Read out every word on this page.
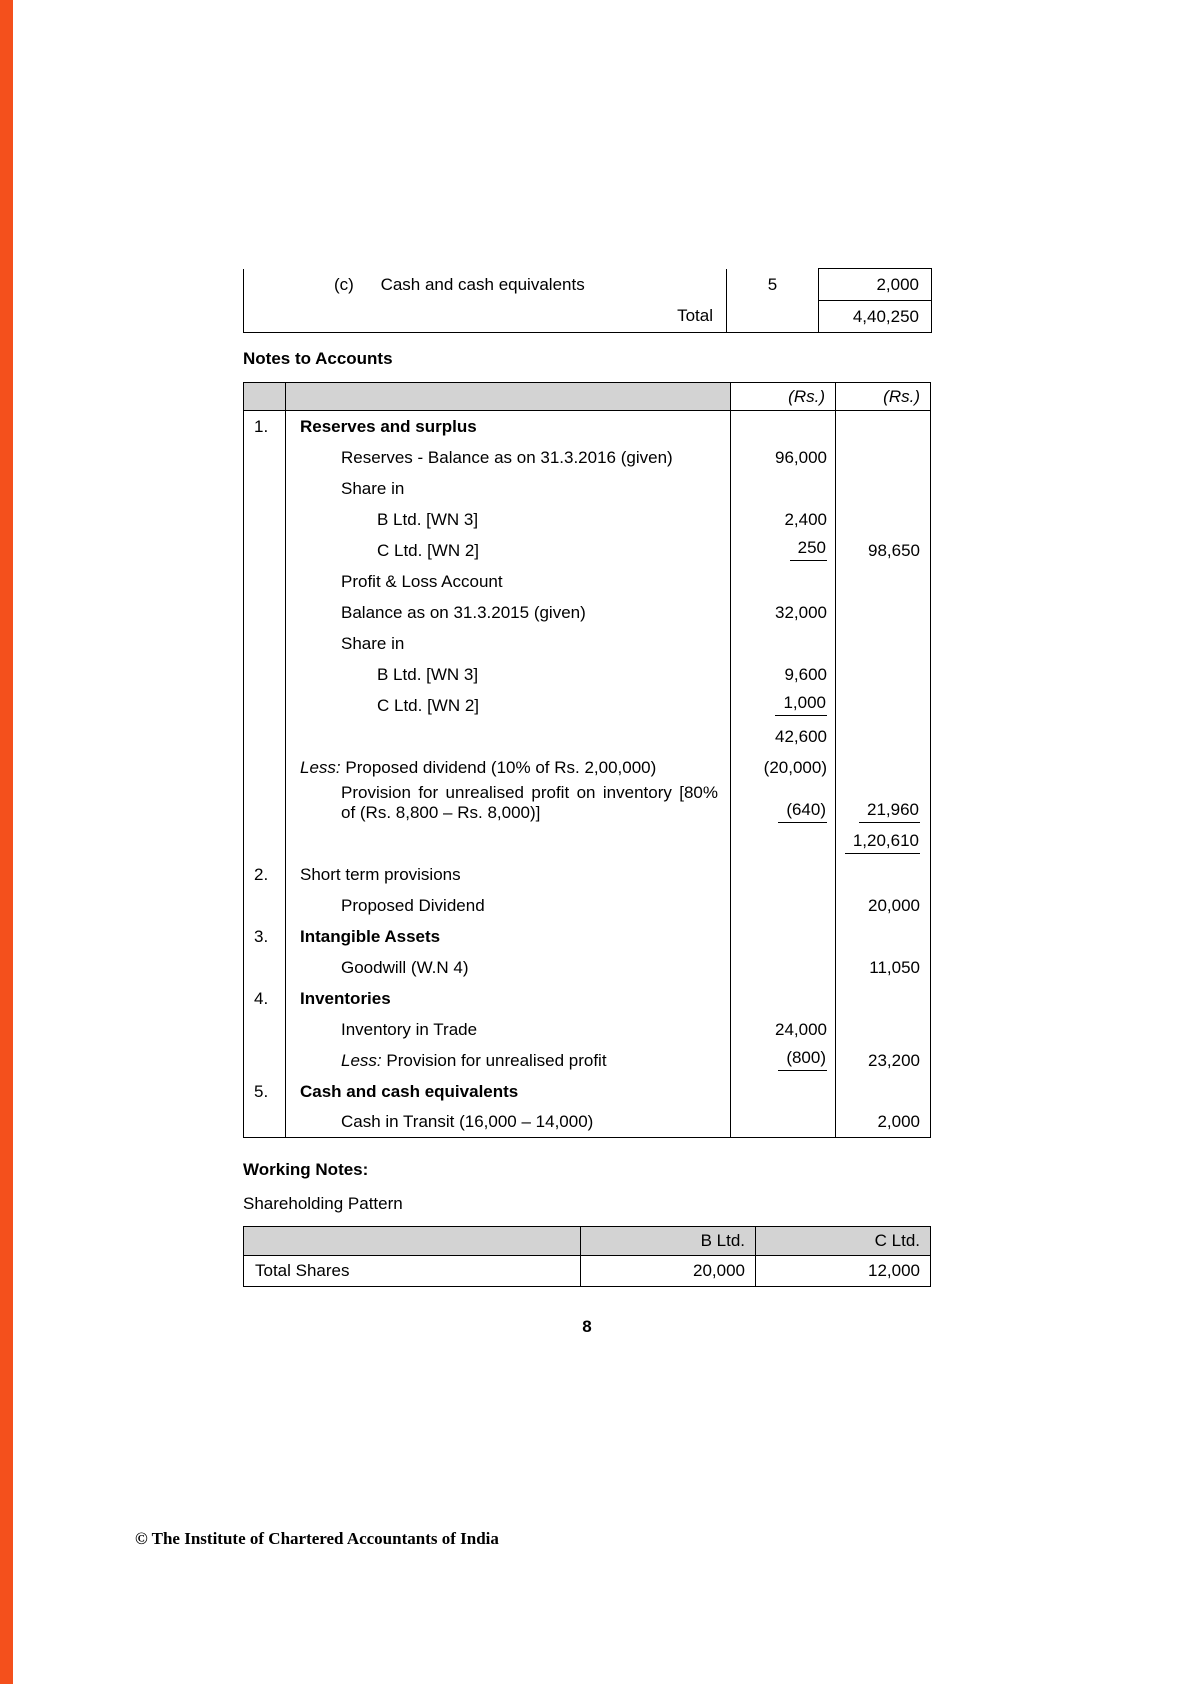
(c) Cash and cash equivalents	5	2,000
Total		4,40,250
Notes to Accounts
		(Rs.)	(Rs.)
1.	Reserves and surplus		
	Reserves - Balance as on 31.3.2016 (given)	96,000	
	Share in		
	B Ltd. [WN 3]	2,400	
	C Ltd. [WN 2]	250	98,650
	Profit & Loss Account		
	Balance as on 31.3.2015 (given)	32,000	
	Share in		
	B Ltd. [WN 3]	9,600	
	C Ltd. [WN 2]	1,000	
		42,600	
	Less: Proposed dividend (10% of Rs. 2,00,000)	(20,000)	
	Provision for unrealised profit on inventory [80% of (Rs. 8,800 – Rs. 8,000)]	(640)	21,960
			1,20,610
2.	Short term provisions		
	Proposed Dividend		20,000
3.	Intangible Assets		
	Goodwill (W.N 4)		11,050
4.	Inventories		
	Inventory in Trade	24,000	
	Less: Provision for unrealised profit	(800)	23,200
5.	Cash and cash equivalents		
	Cash in Transit (16,000 – 14,000)		2,000
Working Notes:
Shareholding Pattern
	B Ltd.	C Ltd.
Total Shares	20,000	12,000
8
© The Institute of Chartered Accountants of India
